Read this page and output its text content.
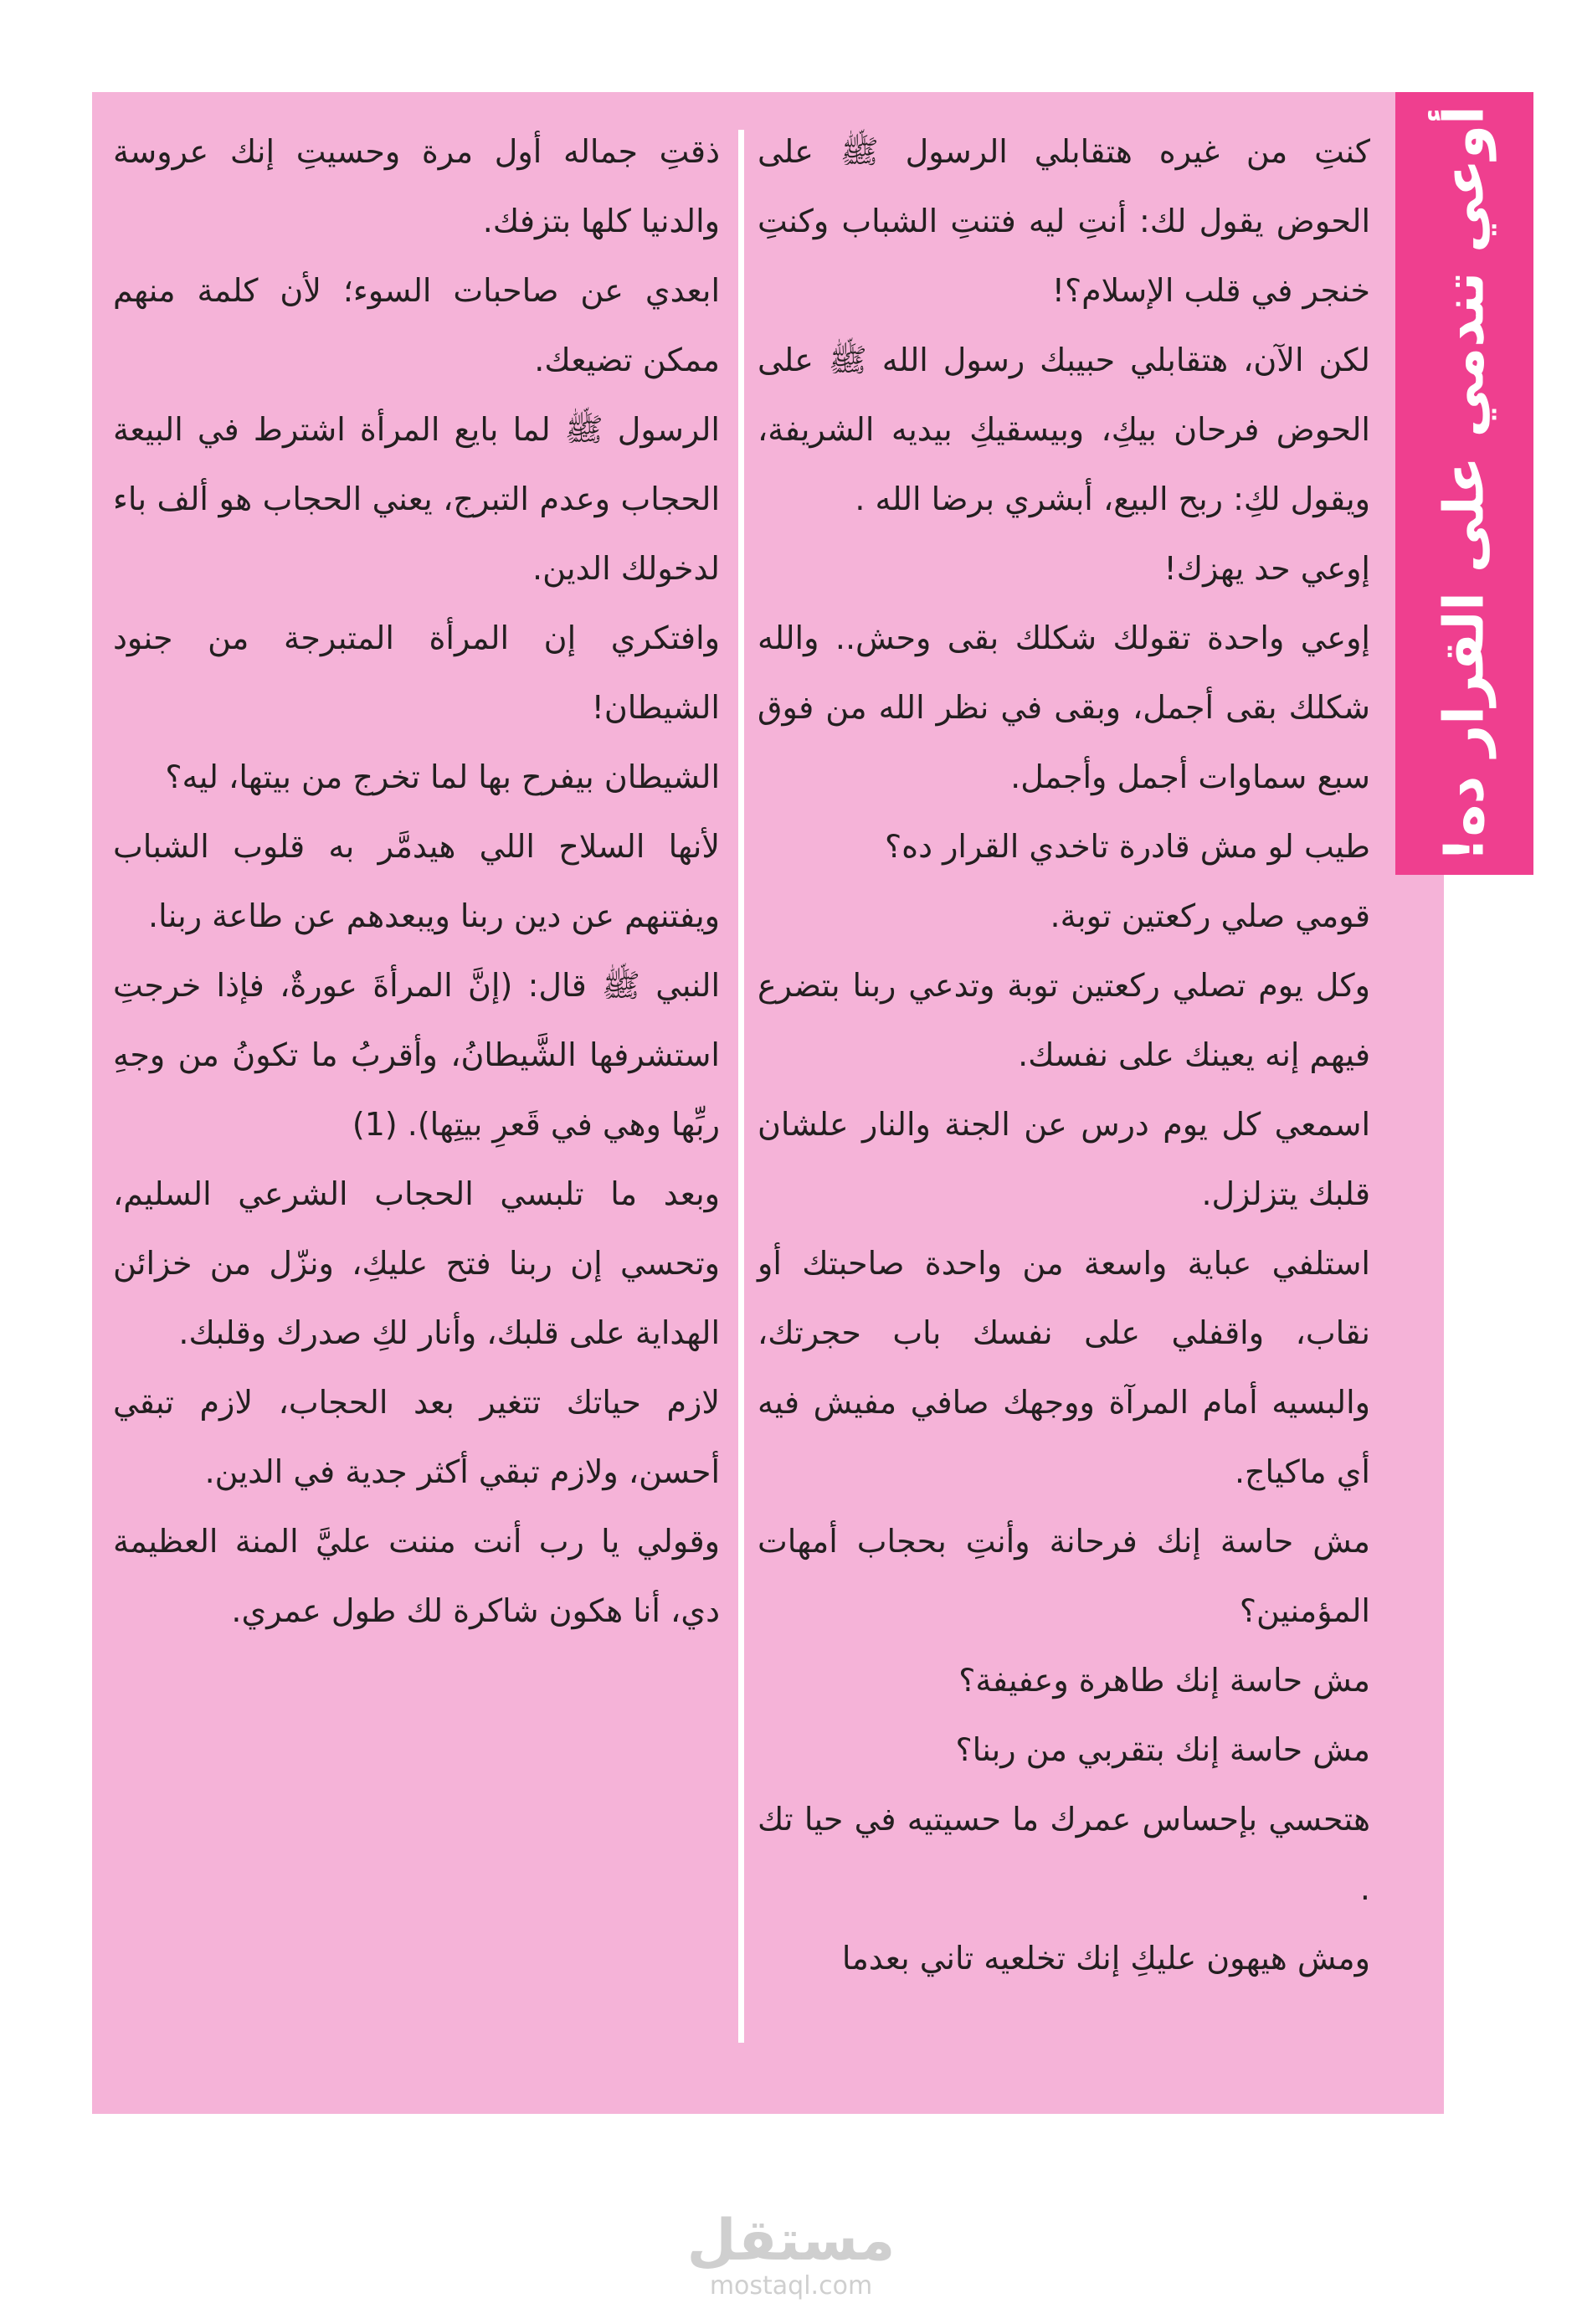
أوعي تندمي على القرار ده!

كنتِ من غيره هتقابلي الرسول ﷺ على الحوض يقول لك: أنتِ ليه فتنتِ الشباب وكنتِ خنجر في قلب الإسلام؟!

لكن الآن، هتقابلي حبيبك رسول الله ﷺ على الحوض فرحان بيكِ، وبيسقيكِ بيديه الشريفة، ويقول لكِ: ربح البيع، أبشري برضا الله .

إوعي حد يهزك!

إوعي واحدة تقولك شكلك بقى وحش.. والله شكلك بقى أجمل، وبقى في نظر الله من فوق سبع سماوات أجمل وأجمل.

طيب لو مش قادرة تاخدي القرار ده؟

قومي صلي ركعتين توبة.

وكل يوم تصلي ركعتين توبة وتدعي ربنا بتضرع فيهم إنه يعينك على نفسك.

اسمعي كل يوم درس عن الجنة والنار علشان قلبك يتزلزل.

استلفي عباية واسعة من واحدة صاحبتك أو نقاب، واقفلي على نفسك باب حجرتك، والبسيه أمام المرآة ووجهك صافي مفيش فيه أي ماكياج.

مش حاسة إنك فرحانة وأنتِ بحجاب أمهات المؤمنين؟

مش حاسة إنك طاهرة وعفيفة؟

مش حاسة إنك بتقربي من ربنا؟

هتحسي بإحساس عمرك ما حسيتيه في حيا تك .

ومش هيهون عليكِ إنك تخلعيه تاني بعدما

ذقتِ جماله أول مرة وحسيتِ إنك عروسة والدنيا كلها بتزفك.

ابعدي عن صاحبات السوء؛ لأن كلمة منهم ممكن تضيعك.

الرسول ﷺ لما بايع المرأة اشترط في البيعة الحجاب وعدم التبرج، يعني الحجاب هو ألف باء لدخولك الدين.

وافتكري إن المرأة المتبرجة من جنود الشيطان!

الشيطان بيفرح بها لما تخرج من بيتها، ليه؟

لأنها السلاح اللي هيدمَّر به قلوب الشباب ويفتنهم عن دين ربنا ويبعدهم عن طاعة ربنا.

النبي ﷺ قال: (إنَّ المرأةَ عورةٌ، فإذا خرجتِ استشرفها الشَّيطانُ، وأقربُ ما تكونُ من وجهِ ربِّها وهي في قَعرِ بيتِها). (1)

وبعد ما تلبسي الحجاب الشرعي السليم، وتحسي إن ربنا فتح عليكِ، ونزّل من خزائن الهداية على قلبك، وأنار لكِ صدرك وقلبك.

لازم حياتك تتغير بعد الحجاب، لازم تبقي أحسن، ولازم تبقي أكثر جدية في الدين.

وقولي يا رب أنت مننت عليَّ المنة العظيمة دي، أنا هكون شاكرة لك طول عمري.

مستقل
mostaql.com
